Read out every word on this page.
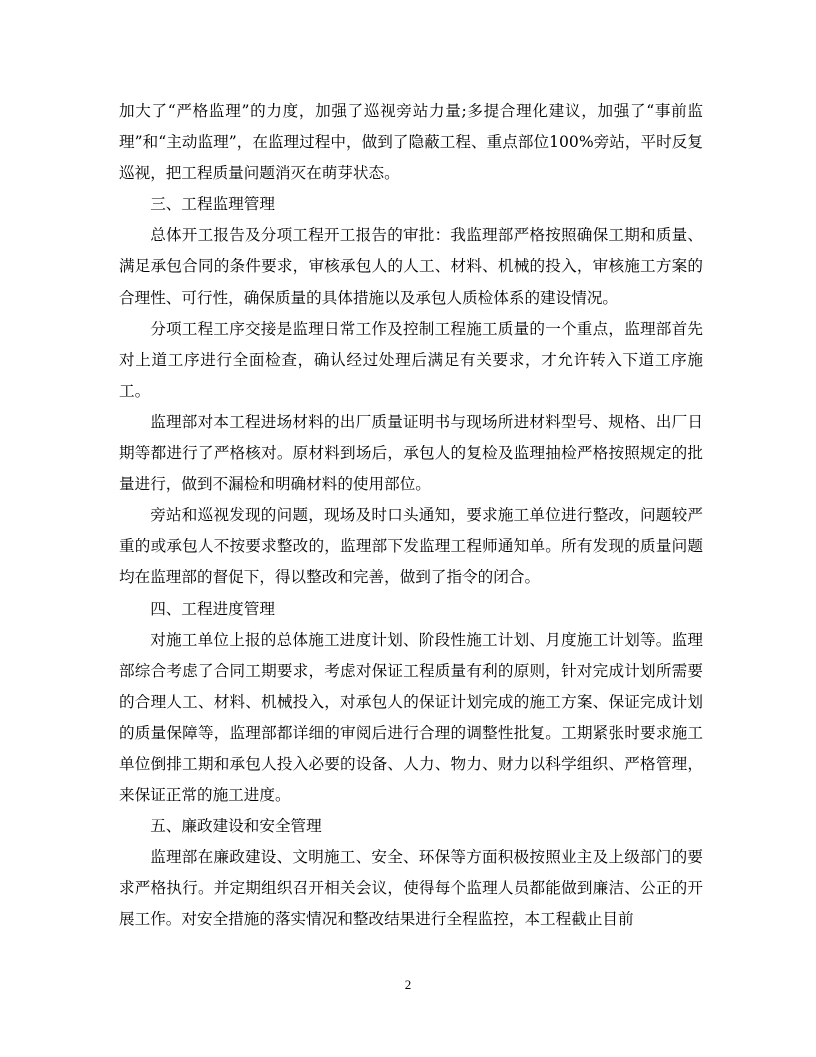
加大了“严格监理”的力度，加强了巡视旁站力量;多提合理化建议，加强了“事前监理”和“主动监理”，在监理过程中，做到了隐蔽工程、重点部位100%旁站，平时反复巡视，把工程质量问题消灭在萌芽状态。

三、工程监理管理

总体开工报告及分项工程开工报告的审批：我监理部严格按照确保工期和质量、满足承包合同的条件要求，审核承包人的人工、材料、机械的投入，审核施工方案的合理性、可行性，确保质量的具体措施以及承包人质检体系的建设情况。

分项工程工序交接是监理日常工作及控制工程施工质量的一个重点，监理部首先对上道工序进行全面检查，确认经过处理后满足有关要求，才允许转入下道工序施工。

监理部对本工程进场材料的出厂质量证明书与现场所进材料型号、规格、出厂日期等都进行了严格核对。原材料到场后，承包人的复检及监理抽检严格按照规定的批量进行，做到不漏检和明确材料的使用部位。

旁站和巡视发现的问题，现场及时口头通知，要求施工单位进行整改，问题较严重的或承包人不按要求整改的，监理部下发监理工程师通知单。所有发现的质量问题均在监理部的督促下，得以整改和完善，做到了指令的闭合。

四、工程进度管理

对施工单位上报的总体施工进度计划、阶段性施工计划、月度施工计划等。监理部综合考虑了合同工期要求，考虑对保证工程质量有利的原则，针对完成计划所需要的合理人工、材料、机械投入，对承包人的保证计划完成的施工方案、保证完成计划的质量保障等，监理部都详细的审阅后进行合理的调整性批复。工期紧张时要求施工单位倒排工期和承包人投入必要的设备、人力、物力、财力以科学组织、严格管理，来保证正常的施工进度。

五、廉政建设和安全管理

监理部在廉政建设、文明施工、安全、环保等方面积极按照业主及上级部门的要求严格执行。并定期组织召开相关会议，使得每个监理人员都能做到廉洁、公正的开展工作。对安全措施的落实情况和整改结果进行全程监控，本工程截止目前

2
